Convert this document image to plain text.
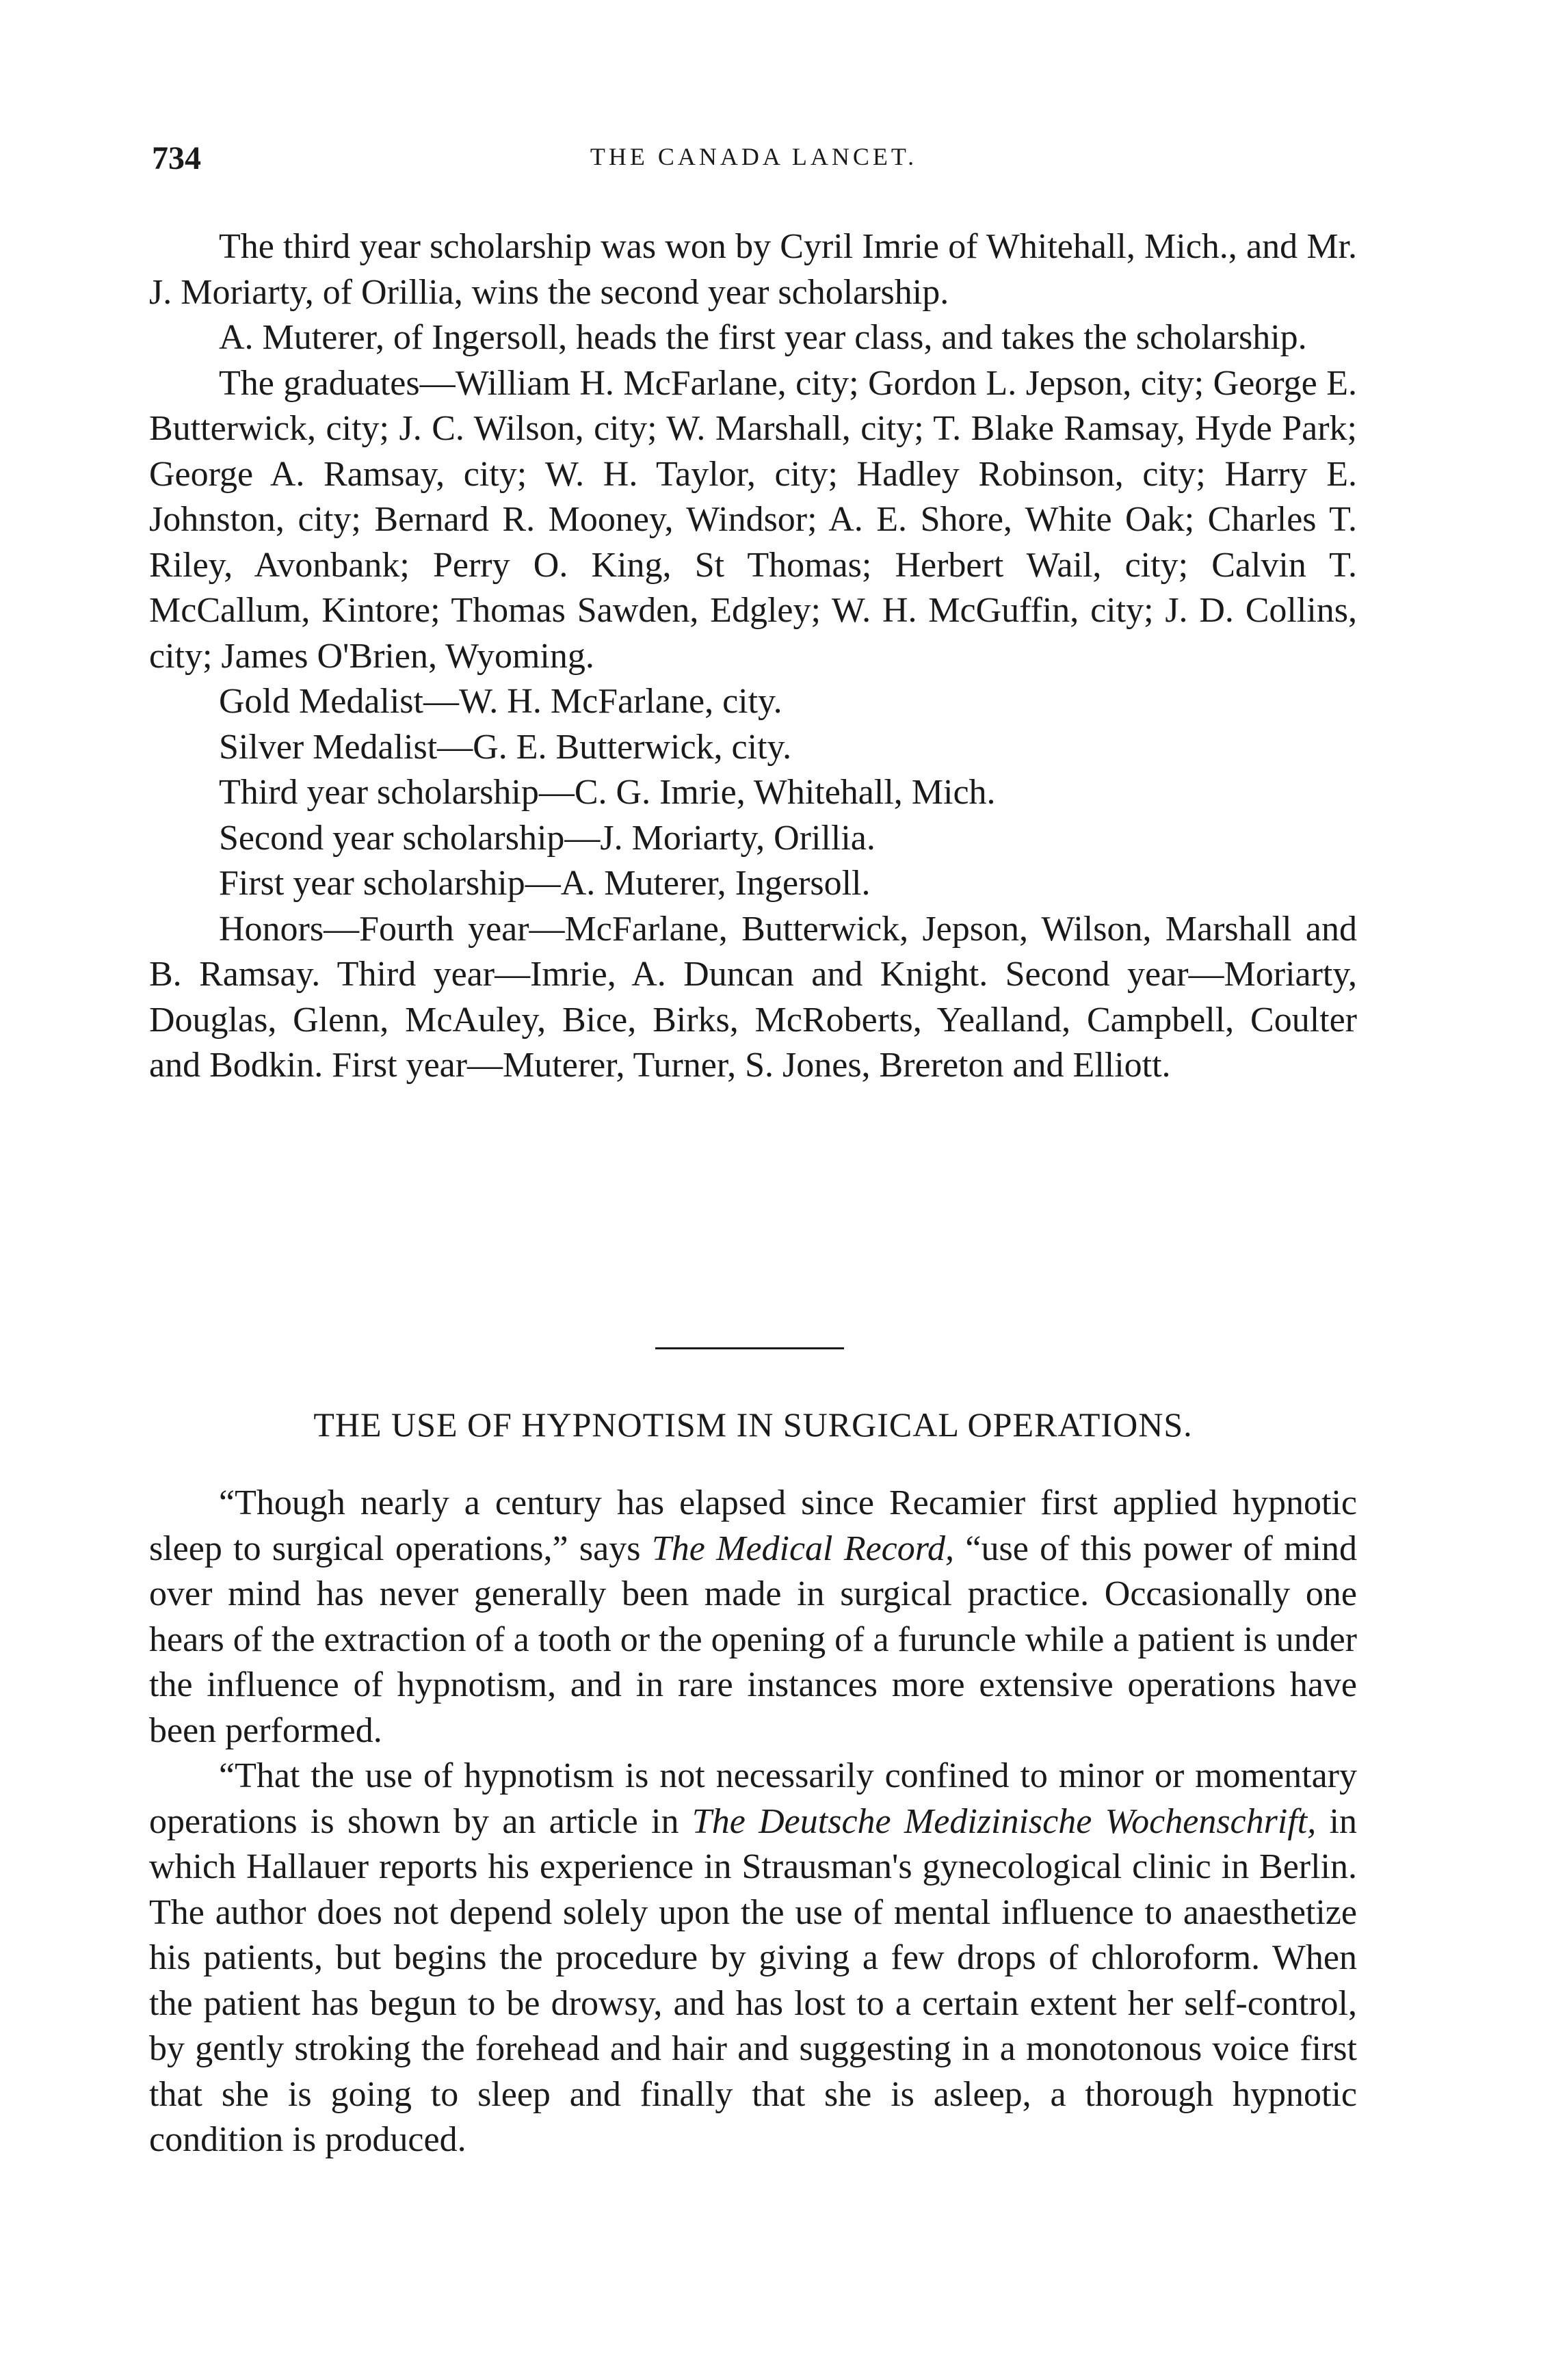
734	THE CANADA LANCET.

The third year scholarship was won by Cyril Imrie of Whitehall, Mich., and Mr. J. Moriarty, of Orillia, wins the second year scholarship.

A. Muterer, of Ingersoll, heads the first year class, and takes the scholarship.

The graduates—William H. McFarlane, city; Gordon L. Jepson, city; George E. Butterwick, city; J. C. Wilson, city; W. Marshall, city; T. Blake Ramsay, Hyde Park; George A. Ramsay, city; W. H. Taylor, city; Hadley Robinson, city; Harry E. Johnston, city; Bernard R. Mooney, Windsor; A. E. Shore, White Oak; Charles T. Riley, Avonbank; Perry O. King, St Thomas; Herbert Wail, city; Calvin T. McCallum, Kintore; Thomas Sawden, Edgley; W. H. McGuffin, city; J. D. Collins, city; James O'Brien, Wyoming.

Gold Medalist—W. H. McFarlane, city.

Silver Medalist—G. E. Butterwick, city.

Third year scholarship—C. G. Imrie, Whitehall, Mich.

Second year scholarship—J. Moriarty, Orillia.

First year scholarship—A. Muterer, Ingersoll.

Honors—Fourth year—McFarlane, Butterwick, Jepson, Wilson, Marshall and B. Ramsay. Third year—Imrie, A. Duncan and Knight. Second year—Moriarty, Douglas, Glenn, McAuley, Bice, Birks, McRoberts, Yealland, Campbell, Coulter and Bodkin. First year—Muterer, Turner, S. Jones, Brereton and Elliott.

THE USE OF HYPNOTISM IN SURGICAL OPERATIONS.

“Though nearly a century has elapsed since Recamier first applied hypnotic sleep to surgical operations,” says The Medical Record, “use of this power of mind over mind has never generally been made in surgical practice. Occasionally one hears of the extraction of a tooth or the opening of a furuncle while a patient is under the influence of hypnotism, and in rare instances more extensive operations have been performed.

“That the use of hypnotism is not necessarily confined to minor or momentary operations is shown by an article in The Deutsche Medizinische Wochenschrift, in which Hallauer reports his experience in Strausman's gynecological clinic in Berlin. The author does not depend solely upon the use of mental influence to anaesthetize his patients, but begins the procedure by giving a few drops of chloroform. When the patient has begun to be drowsy, and has lost to a certain extent her self-control, by gently stroking the forehead and hair and suggesting in a monotonous voice first that she is going to sleep and finally that she is asleep, a thorough hypnotic condition is produced.
